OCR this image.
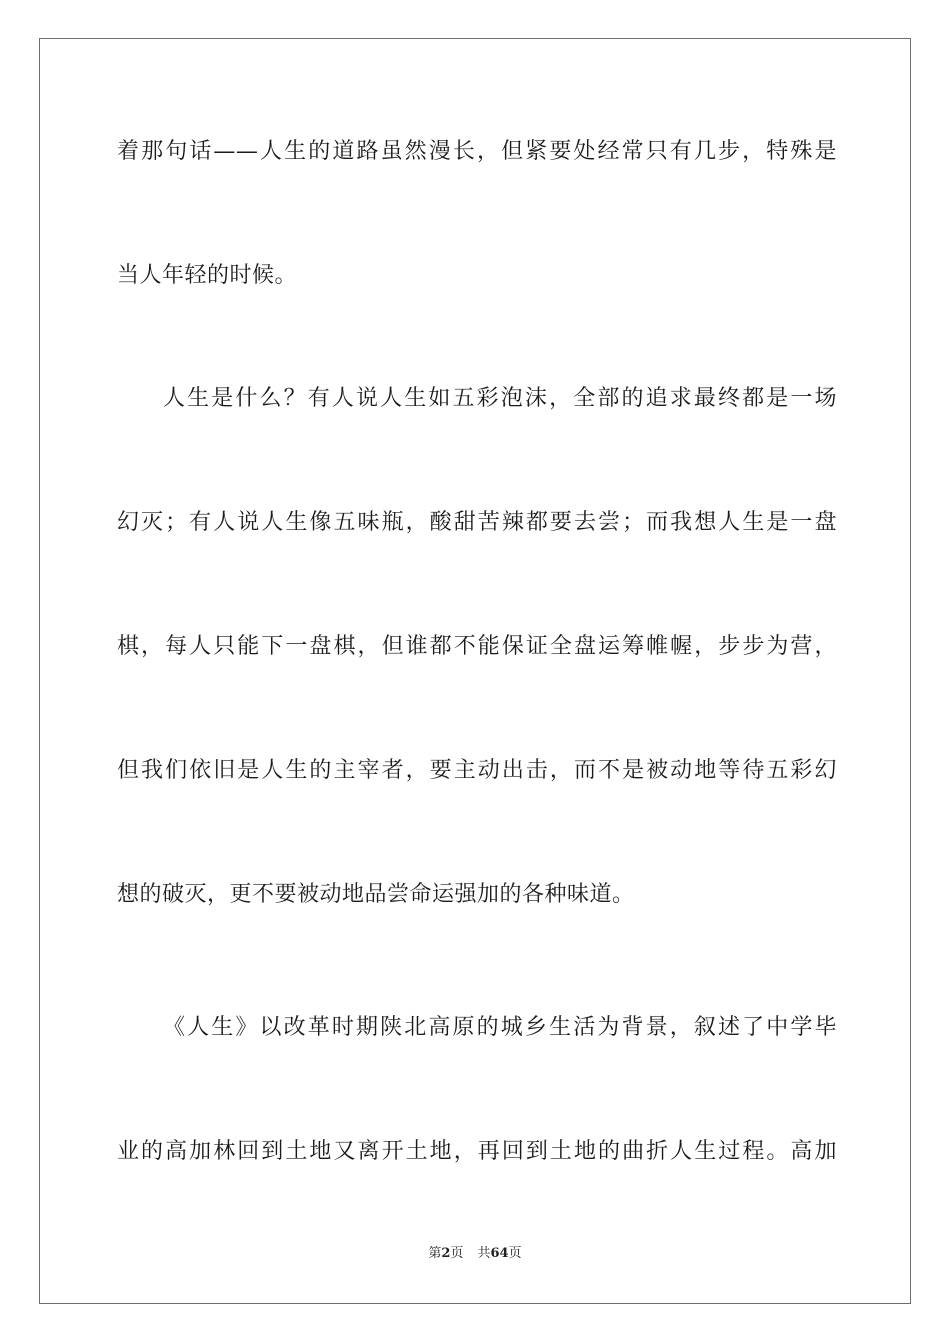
着那句话——人生的道路虽然漫长，但紧要处经常只有几步，特殊是
当人年轻的时候。
人生是什么？有人说人生如五彩泡沫，全部的追求最终都是一场
幻灭；有人说人生像五味瓶，酸甜苦辣都要去尝；而我想人生是一盘
棋，每人只能下一盘棋，但谁都不能保证全盘运筹帷幄，步步为营，
但我们依旧是人生的主宰者，要主动出击，而不是被动地等待五彩幻
想的破灭，更不要被动地品尝命运强加的各种味道。
《人生》以改革时期陕北高原的城乡生活为背景，叙述了中学毕
业的高加林回到土地又离开土地，再回到土地的曲折人生过程。高加
第2页 共64页
